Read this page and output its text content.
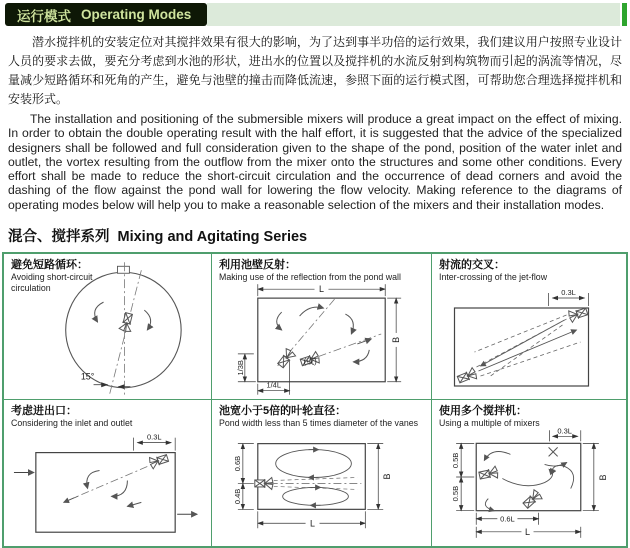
运行模式 Operating Modes

潜水搅拌机的安装定位对其搅拌效果有很大的影响，为了达到事半功倍的运行效果，我们建议用户按照专业设计人员的要求去做，要充分考虑到水池的形状，进出水的位置以及搅拌机的水流反射到构筑物而引起的涡流等情况，尽量减少短路循环和死角的产生，避免与池壁的撞击而降低流速，参照下面的运行模式图，可帮助您合理选择搅拌机和安装形式。

The installation and positioning of the submersible mixers will produce a great impact on the effect of mixing. In order to obtain the double operating result with the half effort, it is suggested that the advice of the specialized designers shall be followed and full consideration given to the shape of the pond, position of the water inlet and outlet, the vortex resulting from the outflow from the mixer onto the structures and some other conditions. Every effort shall be made to reduce the short-circuit circulation and the occurrence of dead corners and avoid the dashing of the flow against the pond wall for lowering the flow velocity. Making reference to the diagrams of operating modes below will help you to make a reasonable selection of the mixers and their installation modes.

混合、搅拌系列 Mixing and Agitating Series
避免短路循环：
Avoiding short-circuit circulation
15°
利用池壁反射：
Making use of the reflection from the pond wall
L
B
1/3B
1/4L
(或)
射流的交叉：
Inter-crossing of the jet-flow
0.3L
考虑进出口：
Considering the inlet and outlet
0.3L
池宽小于5倍的叶轮直径：
Pond width less than 5 times diameter of the vanes
0.6B
0.4B
B
L
使用多个搅拌机：
Using a multiple of mixers
0.3L
0.5B
0.5B
B
0.6L
L
